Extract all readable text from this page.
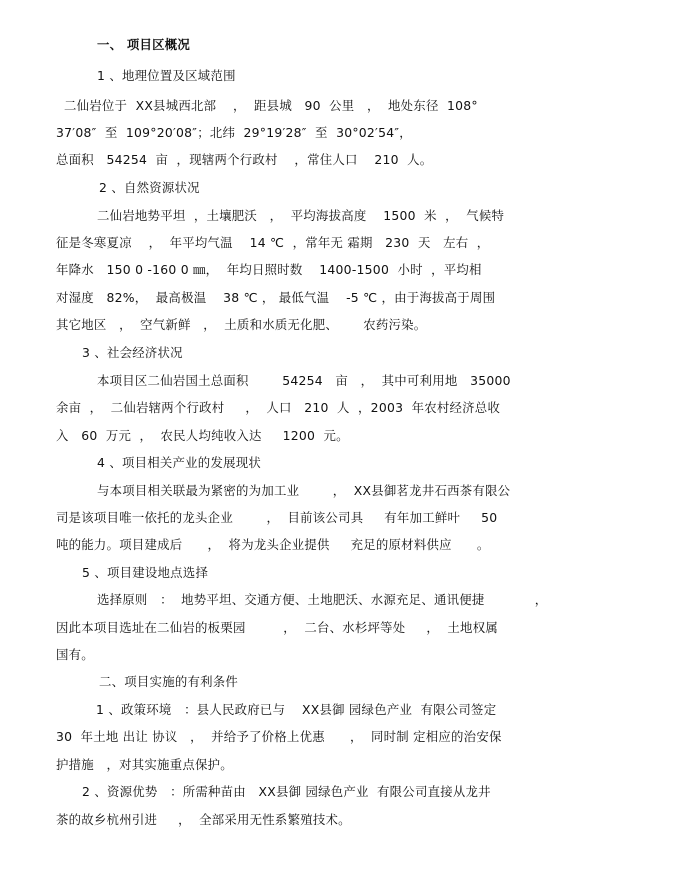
一、 项目区概况
1 、地理位置及区域范围
二仙岩位于  XX县城西北部    ，  距县城   90  公里   ，  地处东径  108°
37′08″  至  109°20′08″；北纬  29°19′28″  至  30°02′54″，
总面积   54254  亩  ，现辖两个行政村    ，常住人口    210  人。
2 、自然资源状况
二仙岩地势平坦  ，土壤肥沃   ，  平均海拔高度    1500  米  ，  气候特
征是冬寒夏凉    ，  年平均气温    14 ℃  ，常年无 霜期   230  天   左右  ，
年降水   150 0 -160 0 ㎜，  年均日照时数    1400-1500  小时  ，平均相
对湿度   82%，  最高极温    38 ℃ ， 最低气温    -5 ℃ ，由于海拔高于周围
其它地区   ，  空气新鲜   ，  土质和水质无化肥、      农药污染。
3 、社会经济状况
本项目区二仙岩国土总面积        54254   亩   ，  其中可利用地   35000
余亩  ，  二仙岩辖两个行政村     ，  人口   210  人  ，2003  年农村经济总收
入   60  万元  ，  农民人均纯收入达     1200  元。
4 、项目相关产业的发展现状
与本项目相关联最为紧密的为加工业        ，  XX县御茗龙井石西茶有限公
司是该项目唯一依托的龙头企业        ，  目前该公司具     有年加工鲜叶     50
吨的能力。项目建成后      ，  将为龙头企业提供     充足的原材料供应      。
5 、项目建设地点选择
选择原则   ：  地势平坦、交通方便、土地肥沃、水源充足、通讯便捷            ，
因此本项目选址在二仙岩的板栗园         ，  二台、水杉坪等处     ，  土地权属
国有。
二、项目实施的有利条件
1 、政策环境   ：县人民政府已与    XX县御 园绿色产业  有限公司签定
30  年土地 出让 协议   ，  并给予了价格上优惠      ，  同时制 定相应的治安保
护措施   ，对其实施重点保护。
2 、资源优势   ：所需种苗由   XX县御 园绿色产业  有限公司直接从龙井
茶的故乡杭州引进     ，  全部采用无性系繁殖技术。
